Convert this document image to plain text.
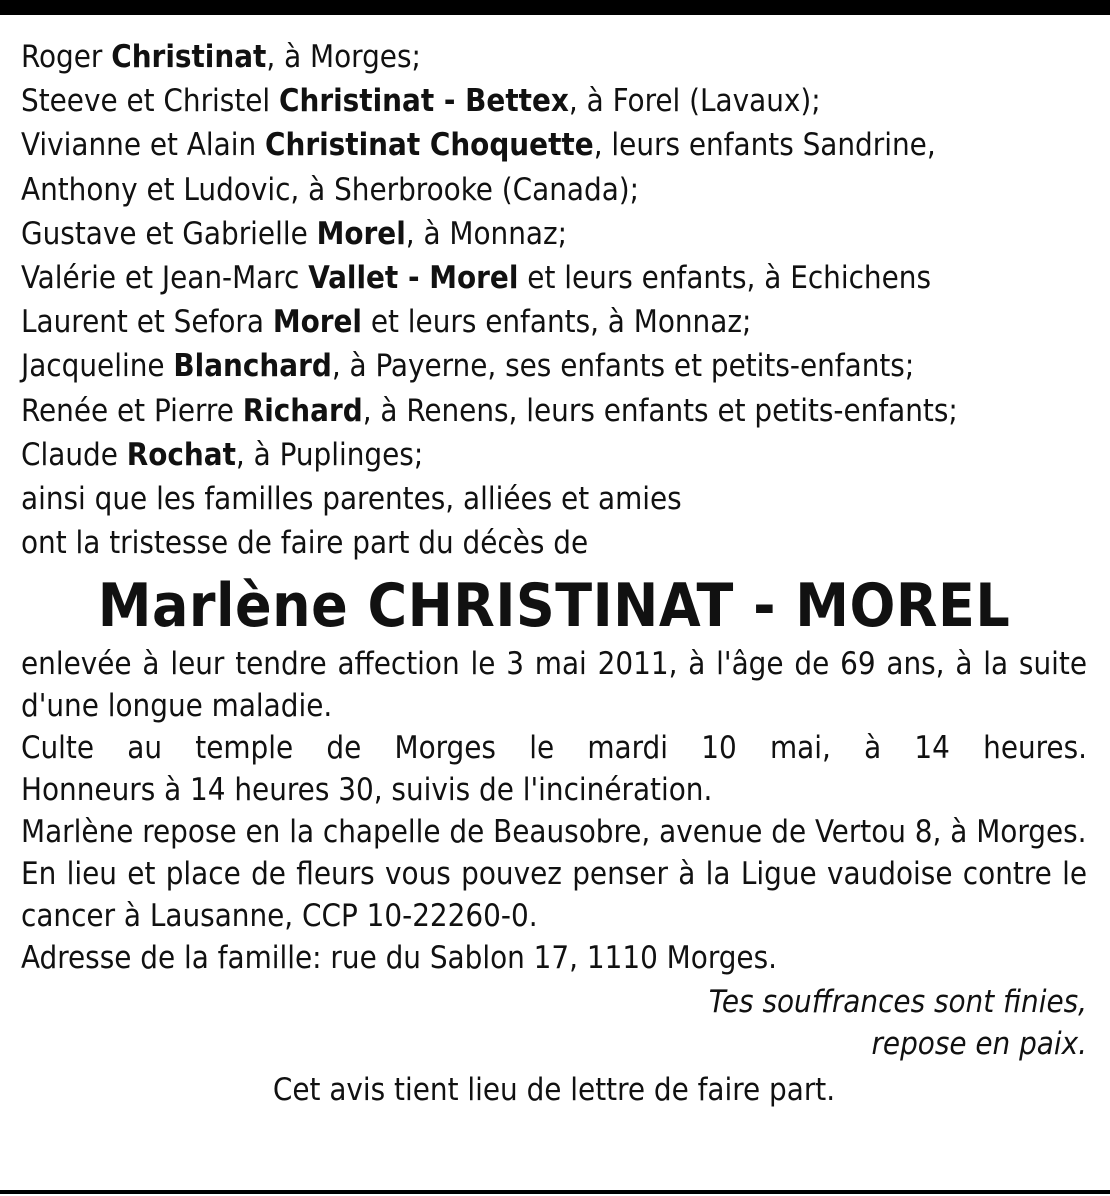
Roger Christinat, à Morges;
Steeve et Christel Christinat - Bettex, à Forel (Lavaux);
Vivianne et Alain Christinat Choquette, leurs enfants Sandrine,
Anthony et Ludovic, à Sherbrooke (Canada);
Gustave et Gabrielle Morel, à Monnaz;
Valérie et Jean-Marc Vallet - Morel et leurs enfants, à Echichens
Laurent et Sefora Morel et leurs enfants, à Monnaz;
Jacqueline Blanchard, à Payerne, ses enfants et petits-enfants;
Renée et Pierre Richard, à Renens, leurs enfants et petits-enfants;
Claude Rochat, à Puplinges;
ainsi que les familles parentes, alliées et amies
ont la tristesse de faire part du décès de
Marlène CHRISTINAT - MOREL
enlevée à leur tendre affection le 3 mai 2011, à l'âge de 69 ans, à la suite d'une longue maladie.
Culte au temple de Morges le mardi 10 mai, à 14 heures.
Honneurs à 14 heures 30, suivis de l'incinération.
Marlène repose en la chapelle de Beausobre, avenue de Vertou 8, à Morges.
En lieu et place de fleurs vous pouvez penser à la Ligue vaudoise contre le cancer à Lausanne, CCP 10-22260-0.
Adresse de la famille: rue du Sablon 17, 1110 Morges.
Tes souffrances sont finies,
repose en paix.
Cet avis tient lieu de lettre de faire part.
